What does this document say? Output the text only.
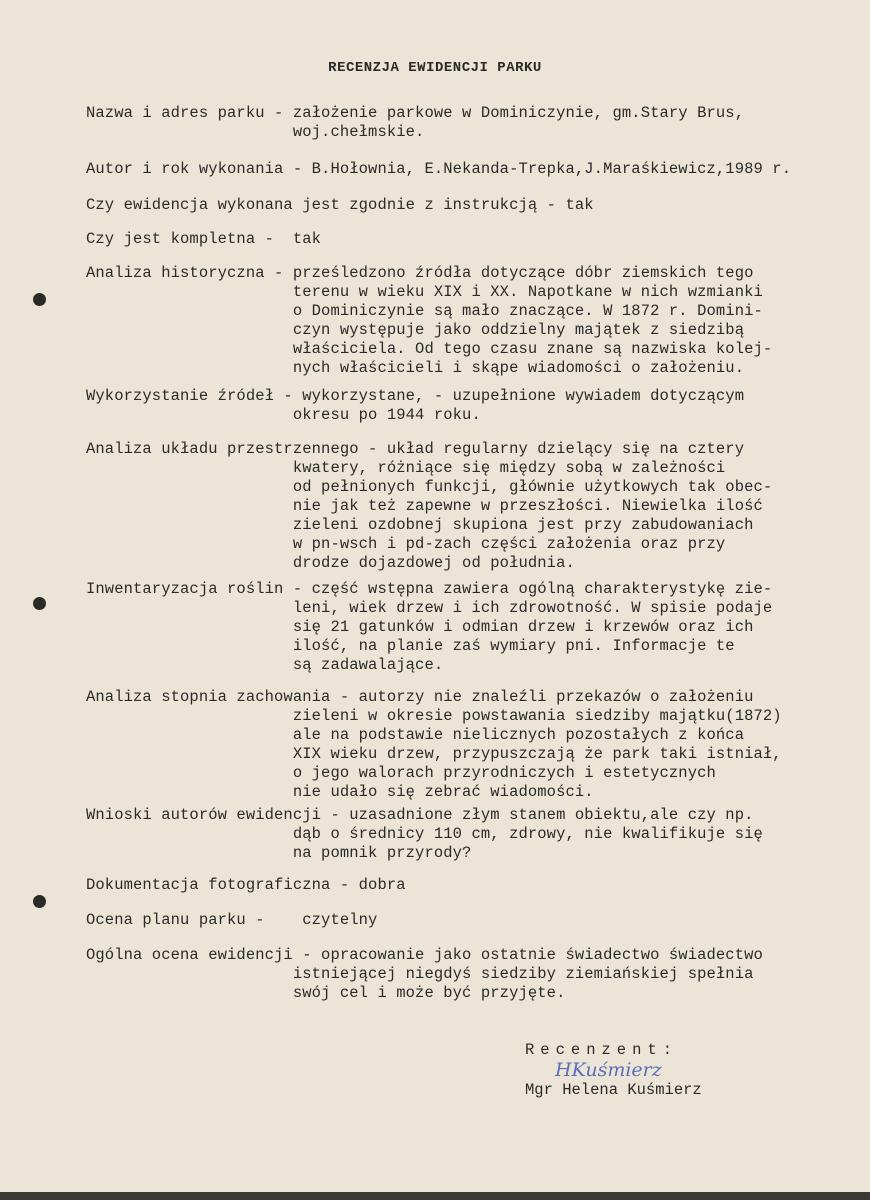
RECENZJA EWIDENCJI PARKU
Nazwa i adres parku - założenie parkowe w Dominiczynie, gm.Stary Brus,
woj.chełmskie.
Autor i rok wykonania - B.Hołownia, E.Nekanda-Trepka,J.Maraśkiewicz,1989 r.
Czy ewidencja wykonana jest zgodnie z instrukcją - tak
Czy jest kompletna -  tak
Analiza historyczna - prześledzono źródła dotyczące dóbr ziemskich tego
terenu w wieku XIX i XX. Napotkane w nich wzmianki
o Dominiczynie są mało znaczące. W 1872 r. Domini-
czyn występuje jako oddzielny majątek z siedzibą
właściciela. Od tego czasu znane są nazwiska kolej-
nych właścicieli i skąpe wiadomości o założeniu.
Wykorzystanie źródeł - wykorzystane, - uzupełnione wywiadem dotyczącym
okresu po 1944 roku.
Analiza układu przestrzennego - układ regularny dzielący się na cztery
kwatery, różniące się między sobą w zależności
od pełnionych funkcji, głównie użytkowych tak obec-
nie jak też zapewne w przeszłości. Niewielka ilość
zieleni ozdobnej skupiona jest przy zabudowaniach
w pn-wsch i pd-zach części założenia oraz przy
drodze dojazdowej od południa.
Inwentaryzacja roślin - część wstępna zawiera ogólną charakterystykę zie-
leni, wiek drzew i ich zdrowotność. W spisie podaje
się 21 gatunków i odmian drzew i krzewów oraz ich
ilość, na planie zaś wymiary pni. Informacje te
są zadawalające.
Analiza stopnia zachowania - autorzy nie znaleźli przekazów o założeniu
zieleni w okresie powstawania siedziby majątku(1872)
ale na podstawie nielicznych pozostałych z końca
XIX wieku drzew, przypuszczają że park taki istniał,
o jego walorach przyrodniczych i estetycznych
nie udało się zebrać wiadomości.
Wnioski autorów ewidencji - uzasadnione złym stanem obiektu,ale czy np.
dąb o średnicy 110 cm, zdrowy, nie kwalifikuje się
na pomnik przyrody?
Dokumentacja fotograficzna - dobra
Ocena planu parku -    czytelny
Ogólna ocena ewidencji - opracowanie jako ostatnie świadectwo świadectwo
istniejącej niegdyś siedziby ziemiańskiej spełnia
swój cel i może być przyjęte.
Recenzent:
HKuśmierz
Mgr Helena Kuśmierz
